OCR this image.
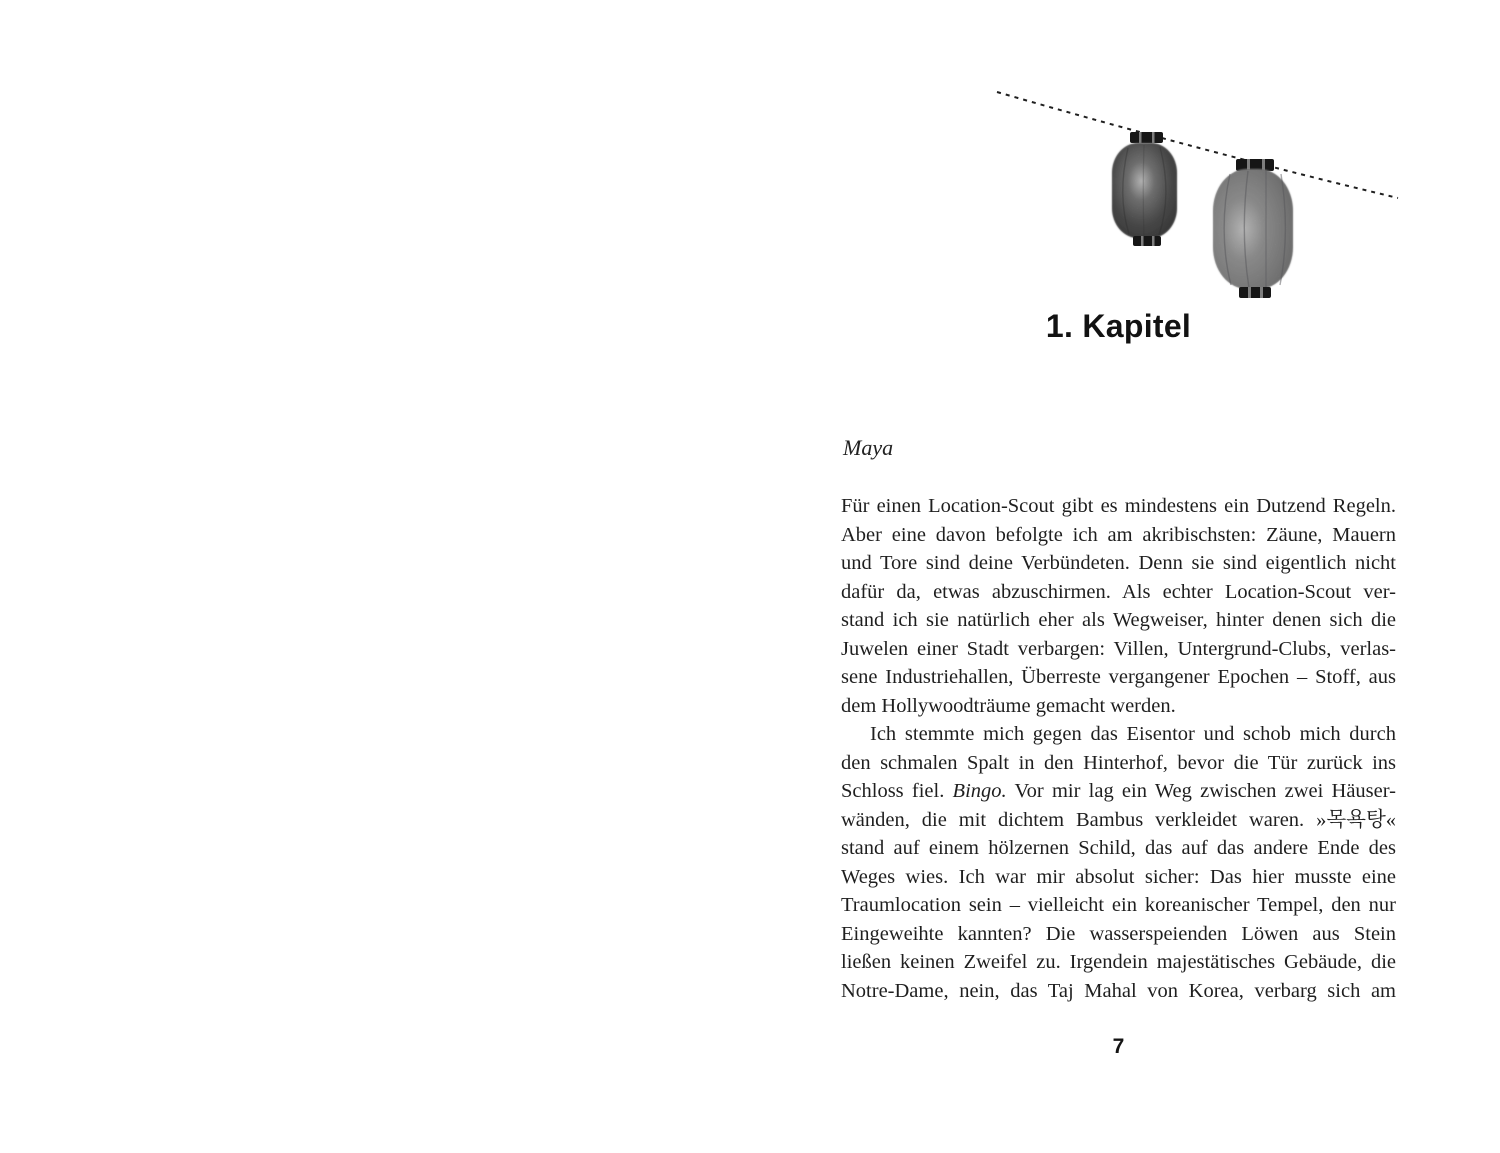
1. Kapitel
Maya
Für einen Location-Scout gibt es mindestens ein Dutzend Regeln.
Aber eine davon befolgte ich am akribischsten: Zäune, Mauern
und Tore sind deine Verbündeten. Denn sie sind eigentlich nicht
dafür da, etwas abzuschirmen. Als echter Location-Scout ver-
stand ich sie natürlich eher als Wegweiser, hinter denen sich die
Juwelen einer Stadt verbargen: Villen, Untergrund-Clubs, verlas-
sene Industriehallen, Überreste vergangener Epochen – Stoff, aus
dem Hollywoodträume gemacht werden.
Ich stemmte mich gegen das Eisentor und schob mich durch
den schmalen Spalt in den Hinterhof, bevor die Tür zurück ins
Schloss fiel. Bingo. Vor mir lag ein Weg zwischen zwei Häuser-
wänden, die mit dichtem Bambus verkleidet waren. »목욕탕«
stand auf einem hölzernen Schild, das auf das andere Ende des
Weges wies. Ich war mir absolut sicher: Das hier musste eine
Traumlocation sein – vielleicht ein koreanischer Tempel, den nur
Eingeweihte kannten? Die wasserspeienden Löwen aus Stein
ließen keinen Zweifel zu. Irgendein majestätisches Gebäude, die
Notre-Dame, nein, das Taj Mahal von Korea, verbarg sich am
7
